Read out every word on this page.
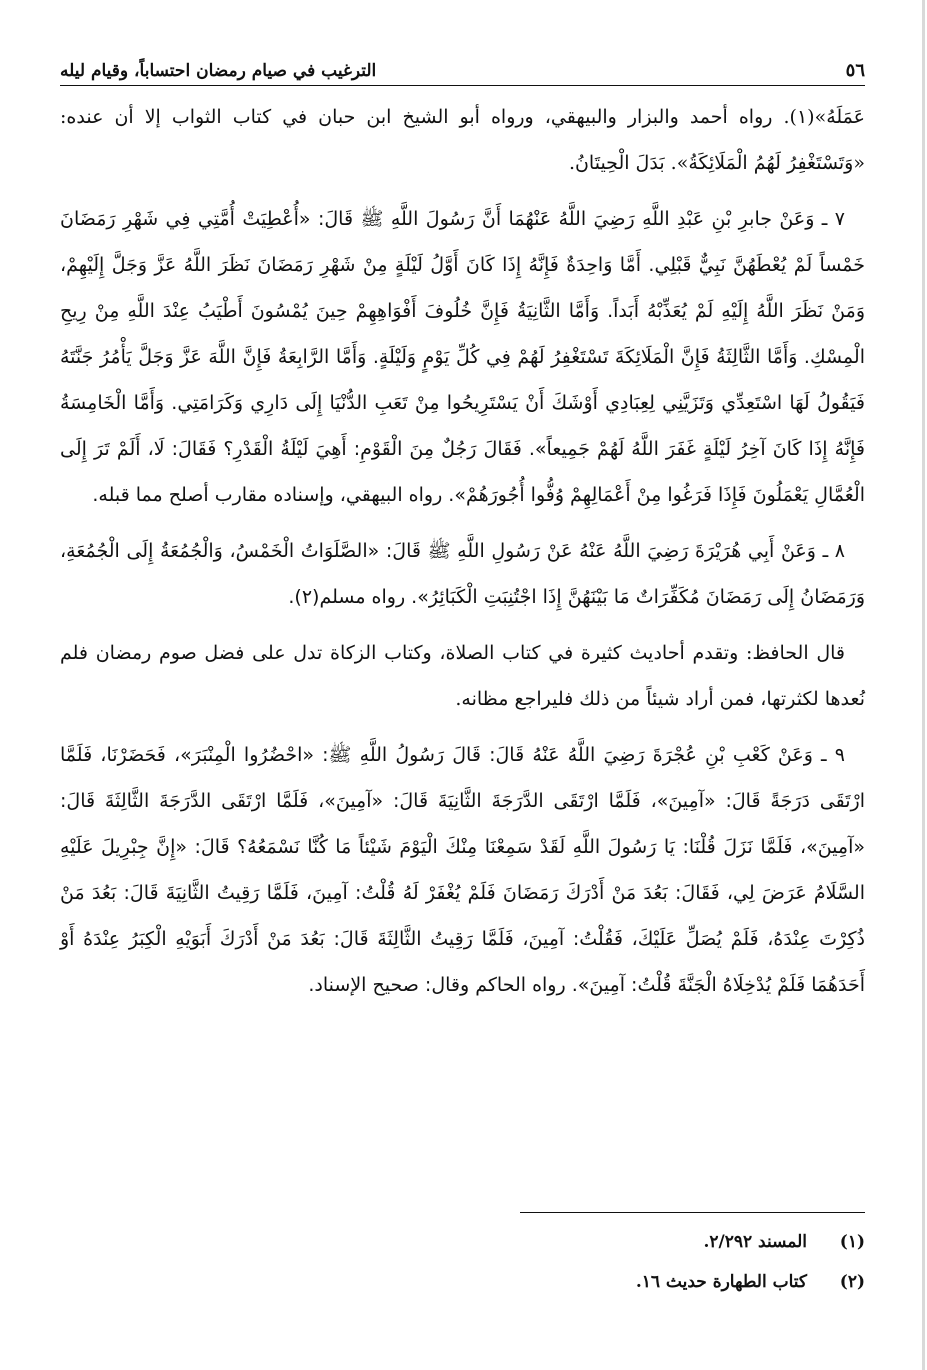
٥٦
الترغيب في صيام رمضان احتساباً، وقيام ليله

عَمَلَهُ»(١). رواه أحمد والبزار والبيهقي، ورواه أبو الشيخ ابن حبان في كتاب الثواب إلا أن عنده: «وَتَسْتَغْفِرُ لَهُمُ الْمَلَائِكَةُ». بَدَلَ الْحِيتَانُ.

٧ ـ وَعَنْ جابرِ بْنِ عَبْدِ اللَّهِ رَضِيَ اللَّهُ عَنْهُمَا أَنَّ رَسُولَ اللَّهِ ﷺ قَالَ: «أُعْطِيَتْ أُمَّتِي فِي شَهْرِ رَمَضَانَ خَمْساً لَمْ يُعْطَهُنَّ نَبِيٌّ قَبْلِي. أَمَّا وَاحِدَةٌ فَإِنَّهُ إِذَا كَانَ أَوَّلُ لَيْلَةٍ مِنْ شَهْرِ رَمَضَانَ نَظَرَ اللَّهُ عَزَّ وَجَلَّ إِلَيْهِمْ، وَمَنْ نَظَرَ اللَّهُ إِلَيْهِ لَمْ يُعَذِّبْهُ أَبَداً. وَأَمَّا الثَّانِيَةُ فَإِنَّ خُلُوفَ أَفْوَاهِهِمْ حِينَ يُمْسُونَ أَطْيَبُ عِنْدَ اللَّهِ مِنْ رِيحِ الْمِسْكِ. وَأَمَّا الثَّالِثَةُ فَإِنَّ الْمَلَائِكَةَ تَسْتَغْفِرُ لَهُمْ فِي كُلِّ يَوْمٍ وَلَيْلَةٍ. وَأَمَّا الرَّابِعَةُ فَإِنَّ اللَّهَ عَزَّ وَجَلَّ يَأْمُرُ جَنَّتَهُ فَيَقُولُ لَهَا اسْتَعِدِّي وَتَزَيَّنِي لِعِبَادِي أَوْشَكَ أَنْ يَسْتَرِيحُوا مِنْ تَعَبِ الدُّنْيَا إِلَى دَارِي وَكَرَامَتِي. وَأَمَّا الْخَامِسَةُ فَإِنَّهُ إِذَا كَانَ آخِرُ لَيْلَةٍ غَفَرَ اللَّهُ لَهُمْ جَمِيعاً». فَقَالَ رَجُلٌ مِنَ الْقَوْمِ: أَهِيَ لَيْلَةُ الْقَدْرِ؟ فَقَالَ: لَا، أَلَمْ تَرَ إِلَى الْعُمَّالِ يَعْمَلُونَ فَإِذَا فَرَغُوا مِنْ أَعْمَالِهِمْ وُفُّوا أُجُورَهُمْ». رواه البيهقي، وإسناده مقارب أصلح مما قبله.

٨ ـ وَعَنْ أَبِي هُرَيْرَةَ رَضِيَ اللَّهُ عَنْهُ عَنْ رَسُولِ اللَّهِ ﷺ قَالَ: «الصَّلَوَاتُ الْخَمْسُ، وَالْجُمُعَةُ إِلَى الْجُمُعَةِ، وَرَمَضَانُ إِلَى رَمَضَانَ مُكَفِّرَاتٌ مَا بَيْنَهُنَّ إِذَا اجْتُنِبَتِ الْكَبَائِرُ». رواه مسلم(٢).

قال الحافظ: وتقدم أحاديث كثيرة في كتاب الصلاة، وكتاب الزكاة تدل على فضل صوم رمضان فلم نُعدها لكثرتها، فمن أراد شيئاً من ذلك فليراجع مظانه.

٩ ـ وَعَنْ كَعْبِ بْنِ عُجْرَةَ رَضِيَ اللَّهُ عَنْهُ قَالَ: قَالَ رَسُولُ اللَّهِ ﷺ: «احْضُرُوا الْمِنْبَرَ»، فَحَضَرْنَا، فَلَمَّا ارْتَقَى دَرَجَةً قَالَ: «آمِينَ»، فَلَمَّا ارْتَقَى الدَّرَجَةَ الثَّانِيَةَ قَالَ: «آمِينَ»، فَلَمَّا ارْتَقَى الدَّرَجَةَ الثَّالِثَةَ قَالَ: «آمِينَ»، فَلَمَّا نَزَلَ قُلْنَا: يَا رَسُولَ اللَّهِ لَقَدْ سَمِعْنَا مِنْكَ الْيَوْمَ شَيْئاً مَا كُنَّا نَسْمَعُهُ؟ قَالَ: «إِنَّ جِبْرِيلَ عَلَيْهِ السَّلَامُ عَرَضَ لِي، فَقَالَ: بَعُدَ مَنْ أَدْرَكَ رَمَضَانَ فَلَمْ يُغْفَرْ لَهُ قُلْتُ: آمِينَ، فَلَمَّا رَقِيتُ الثَّانِيَةَ قَالَ: بَعُدَ مَنْ ذُكِرْتَ عِنْدَهُ، فَلَمْ يُصَلِّ عَلَيْكَ، فَقُلْتُ: آمِينَ، فَلَمَّا رَقِيتُ الثَّالِثَةَ قَالَ: بَعُدَ مَنْ أَدْرَكَ أَبَوَيْهِ الْكِبَرُ عِنْدَهُ أَوْ أَحَدَهُمَا فَلَمْ يُدْخِلَاهُ الْجَنَّةَ قُلْتُ: آمِينَ». رواه الحاكم وقال: صحيح الإسناد.

(١)
المسند ٢/٢٩٢.
(٢)
كتاب الطهارة حديث ١٦.
